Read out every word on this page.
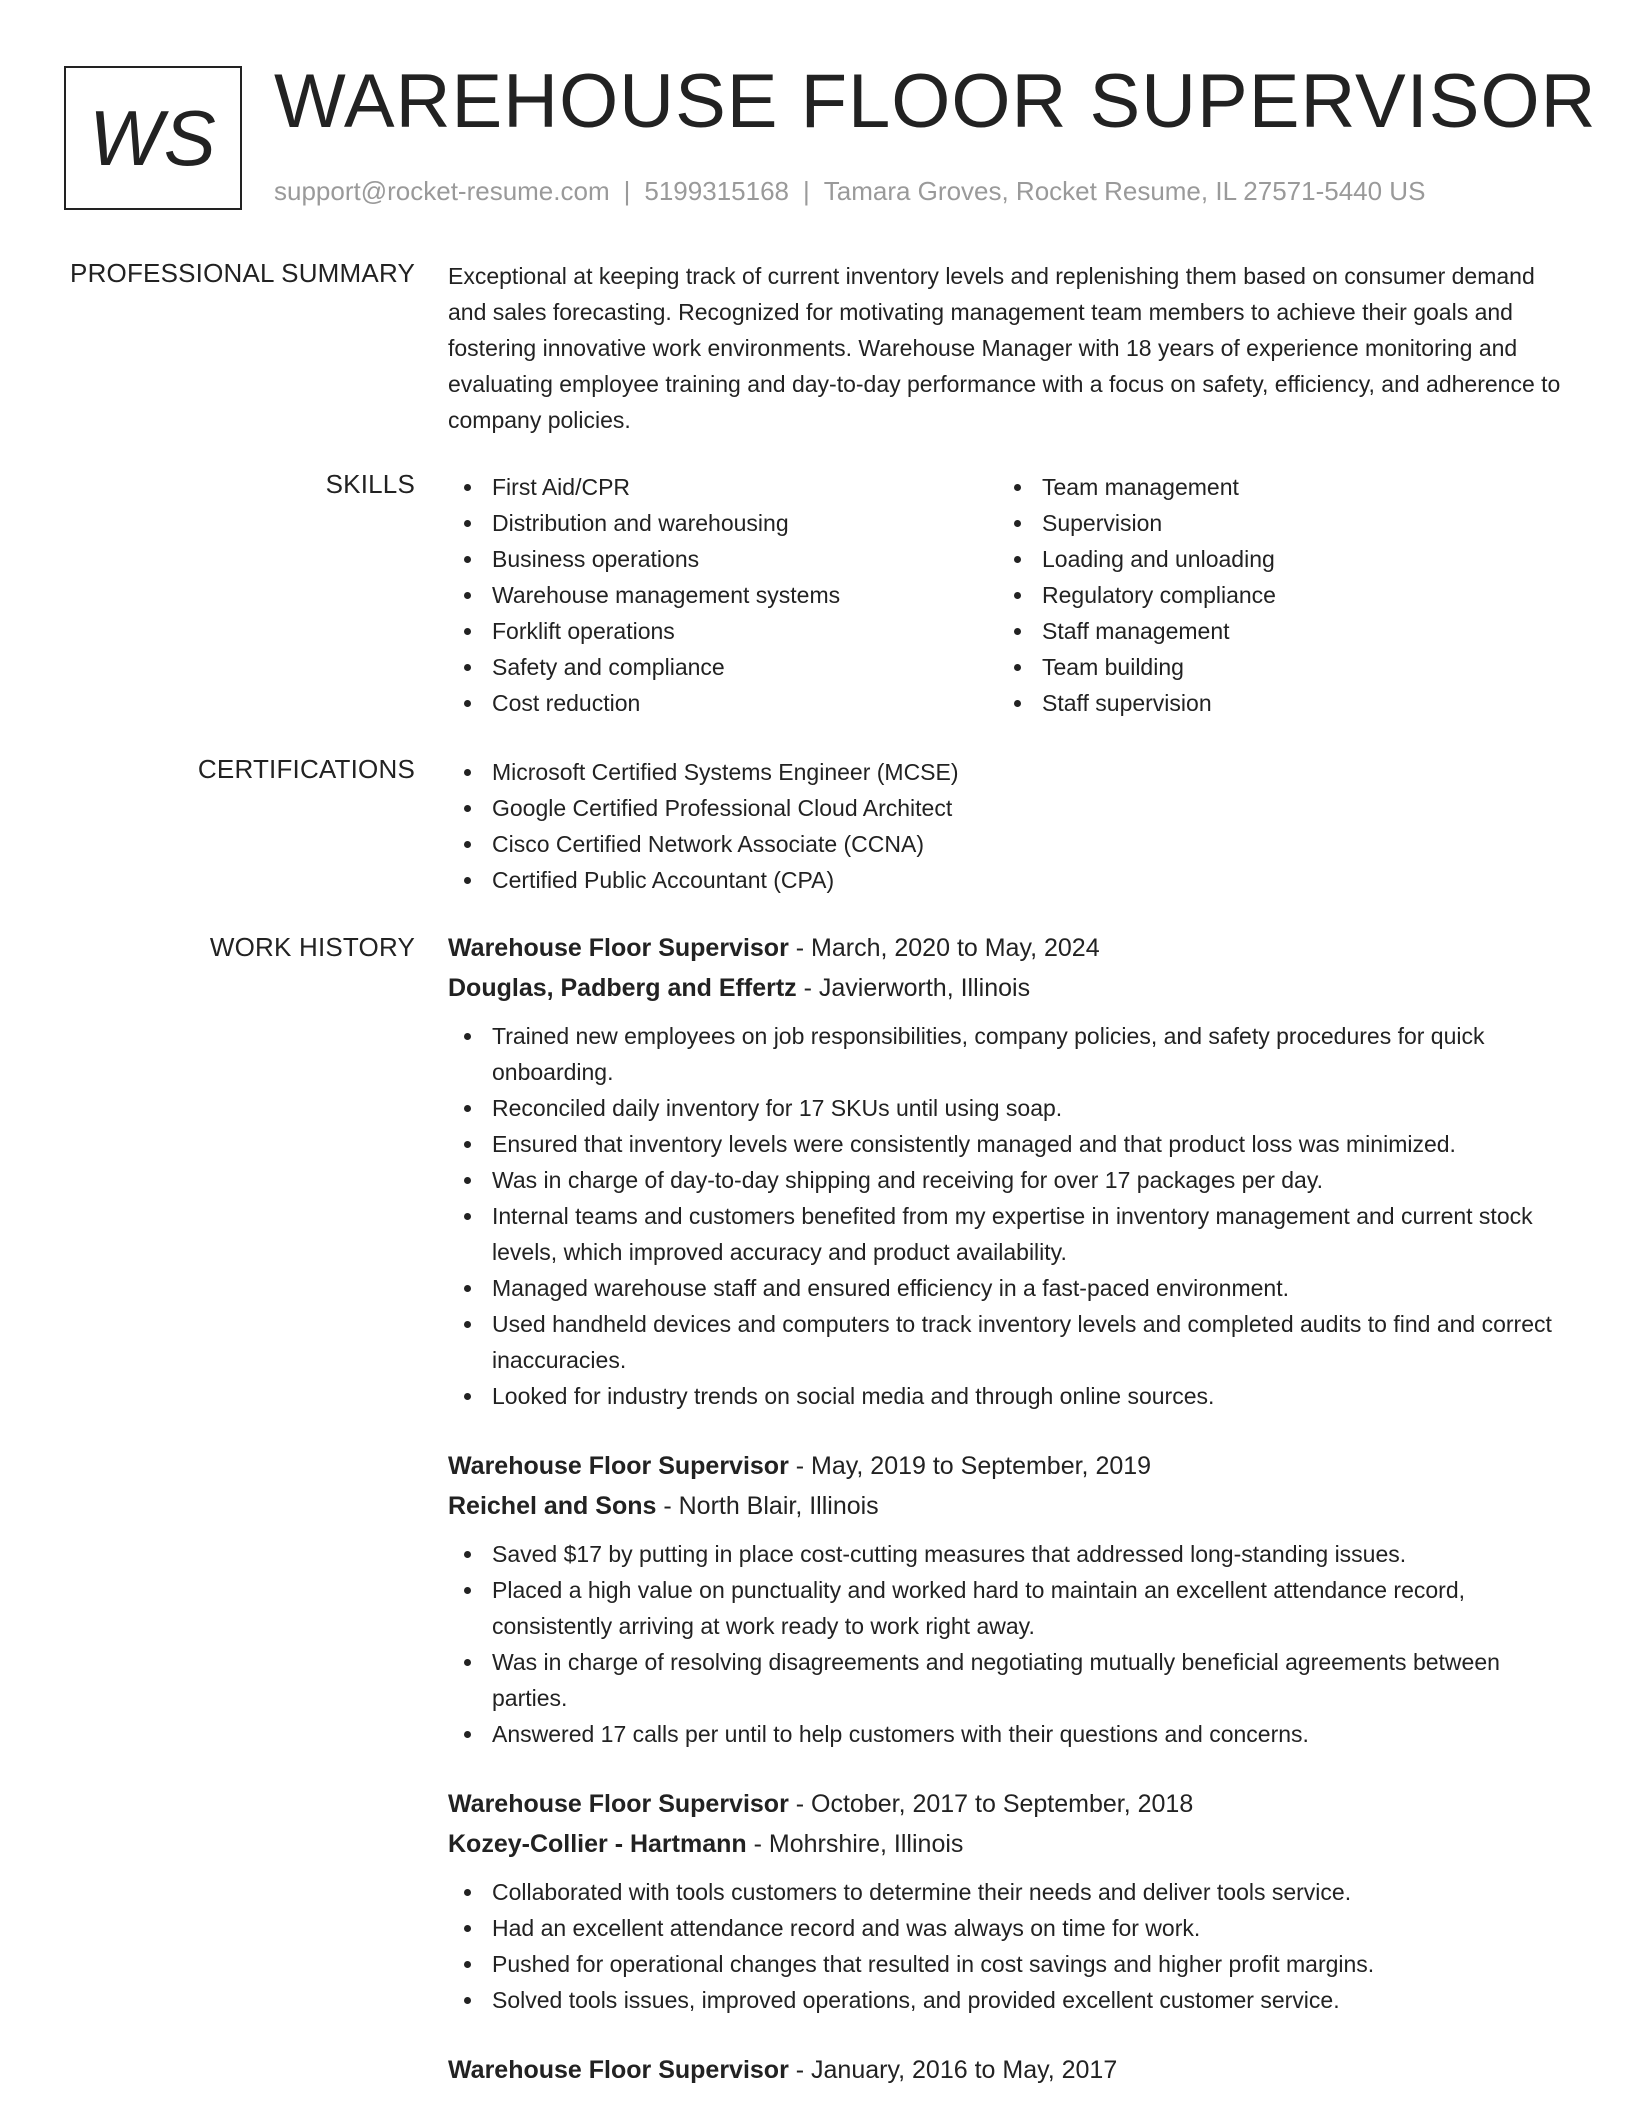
WS WAREHOUSE FLOOR SUPERVISOR
support@rocket-resume.com | 5199315168 | Tamara Groves, Rocket Resume, IL 27571-5440 US
PROFESSIONAL SUMMARY Exceptional at keeping track of current inventory levels and replenishing them based on consumer demand and sales forecasting. Recognized for motivating management team members to achieve their goals and fostering innovative work environments. Warehouse Manager with 18 years of experience monitoring and evaluating employee training and day-to-day performance with a focus on safety, efficiency, and adherence to company policies.

SKILLS	First Aid/CPR
Distribution and warehousing
Business operations
Warehouse management systems
Forklift operations
Safety and compliance
Cost reduction
Team management
Supervision
Loading and unloading
Regulatory compliance
Staff management
Team building
Staff supervision
CERTIFICATIONS	Microsoft Certified Systems Engineer (MCSE)
Google Certified Professional Cloud Architect
Cisco Certified Network Associate (CCNA)
Certified Public Accountant (CPA)
WORK HISTORY Warehouse Floor Supervisor - March, 2020 to May, 2024
Douglas, Padberg and Effertz - Javierworth, Illinois
Trained new employees on job responsibilities, company policies, and safety procedures for quick onboarding.
Reconciled daily inventory for 17 SKUs until using soap.
Ensured that inventory levels were consistently managed and that product loss was minimized.
Was in charge of day-to-day shipping and receiving for over 17 packages per day.
Internal teams and customers benefited from my expertise in inventory management and current stock levels, which improved accuracy and product availability.
Managed warehouse staff and ensured efficiency in a fast-paced environment.
Used handheld devices and computers to track inventory levels and completed audits to find and correct inaccuracies.
Looked for industry trends on social media and through online sources.
Warehouse Floor Supervisor - May, 2019 to September, 2019
Reichel and Sons - North Blair, Illinois
Saved $17 by putting in place cost-cutting measures that addressed long-standing issues.
Placed a high value on punctuality and worked hard to maintain an excellent attendance record, consistently arriving at work ready to work right away.
Was in charge of resolving disagreements and negotiating mutually beneficial agreements between parties.
Answered 17 calls per until to help customers with their questions and concerns.
Warehouse Floor Supervisor - October, 2017 to September, 2018
Kozey-Collier - Hartmann - Mohrshire, Illinois
Collaborated with tools customers to determine their needs and deliver tools service.
Had an excellent attendance record and was always on time for work.
Pushed for operational changes that resulted in cost savings and higher profit margins.
Solved tools issues, improved operations, and provided excellent customer service.
Warehouse Floor Supervisor - January, 2016 to May, 2017
